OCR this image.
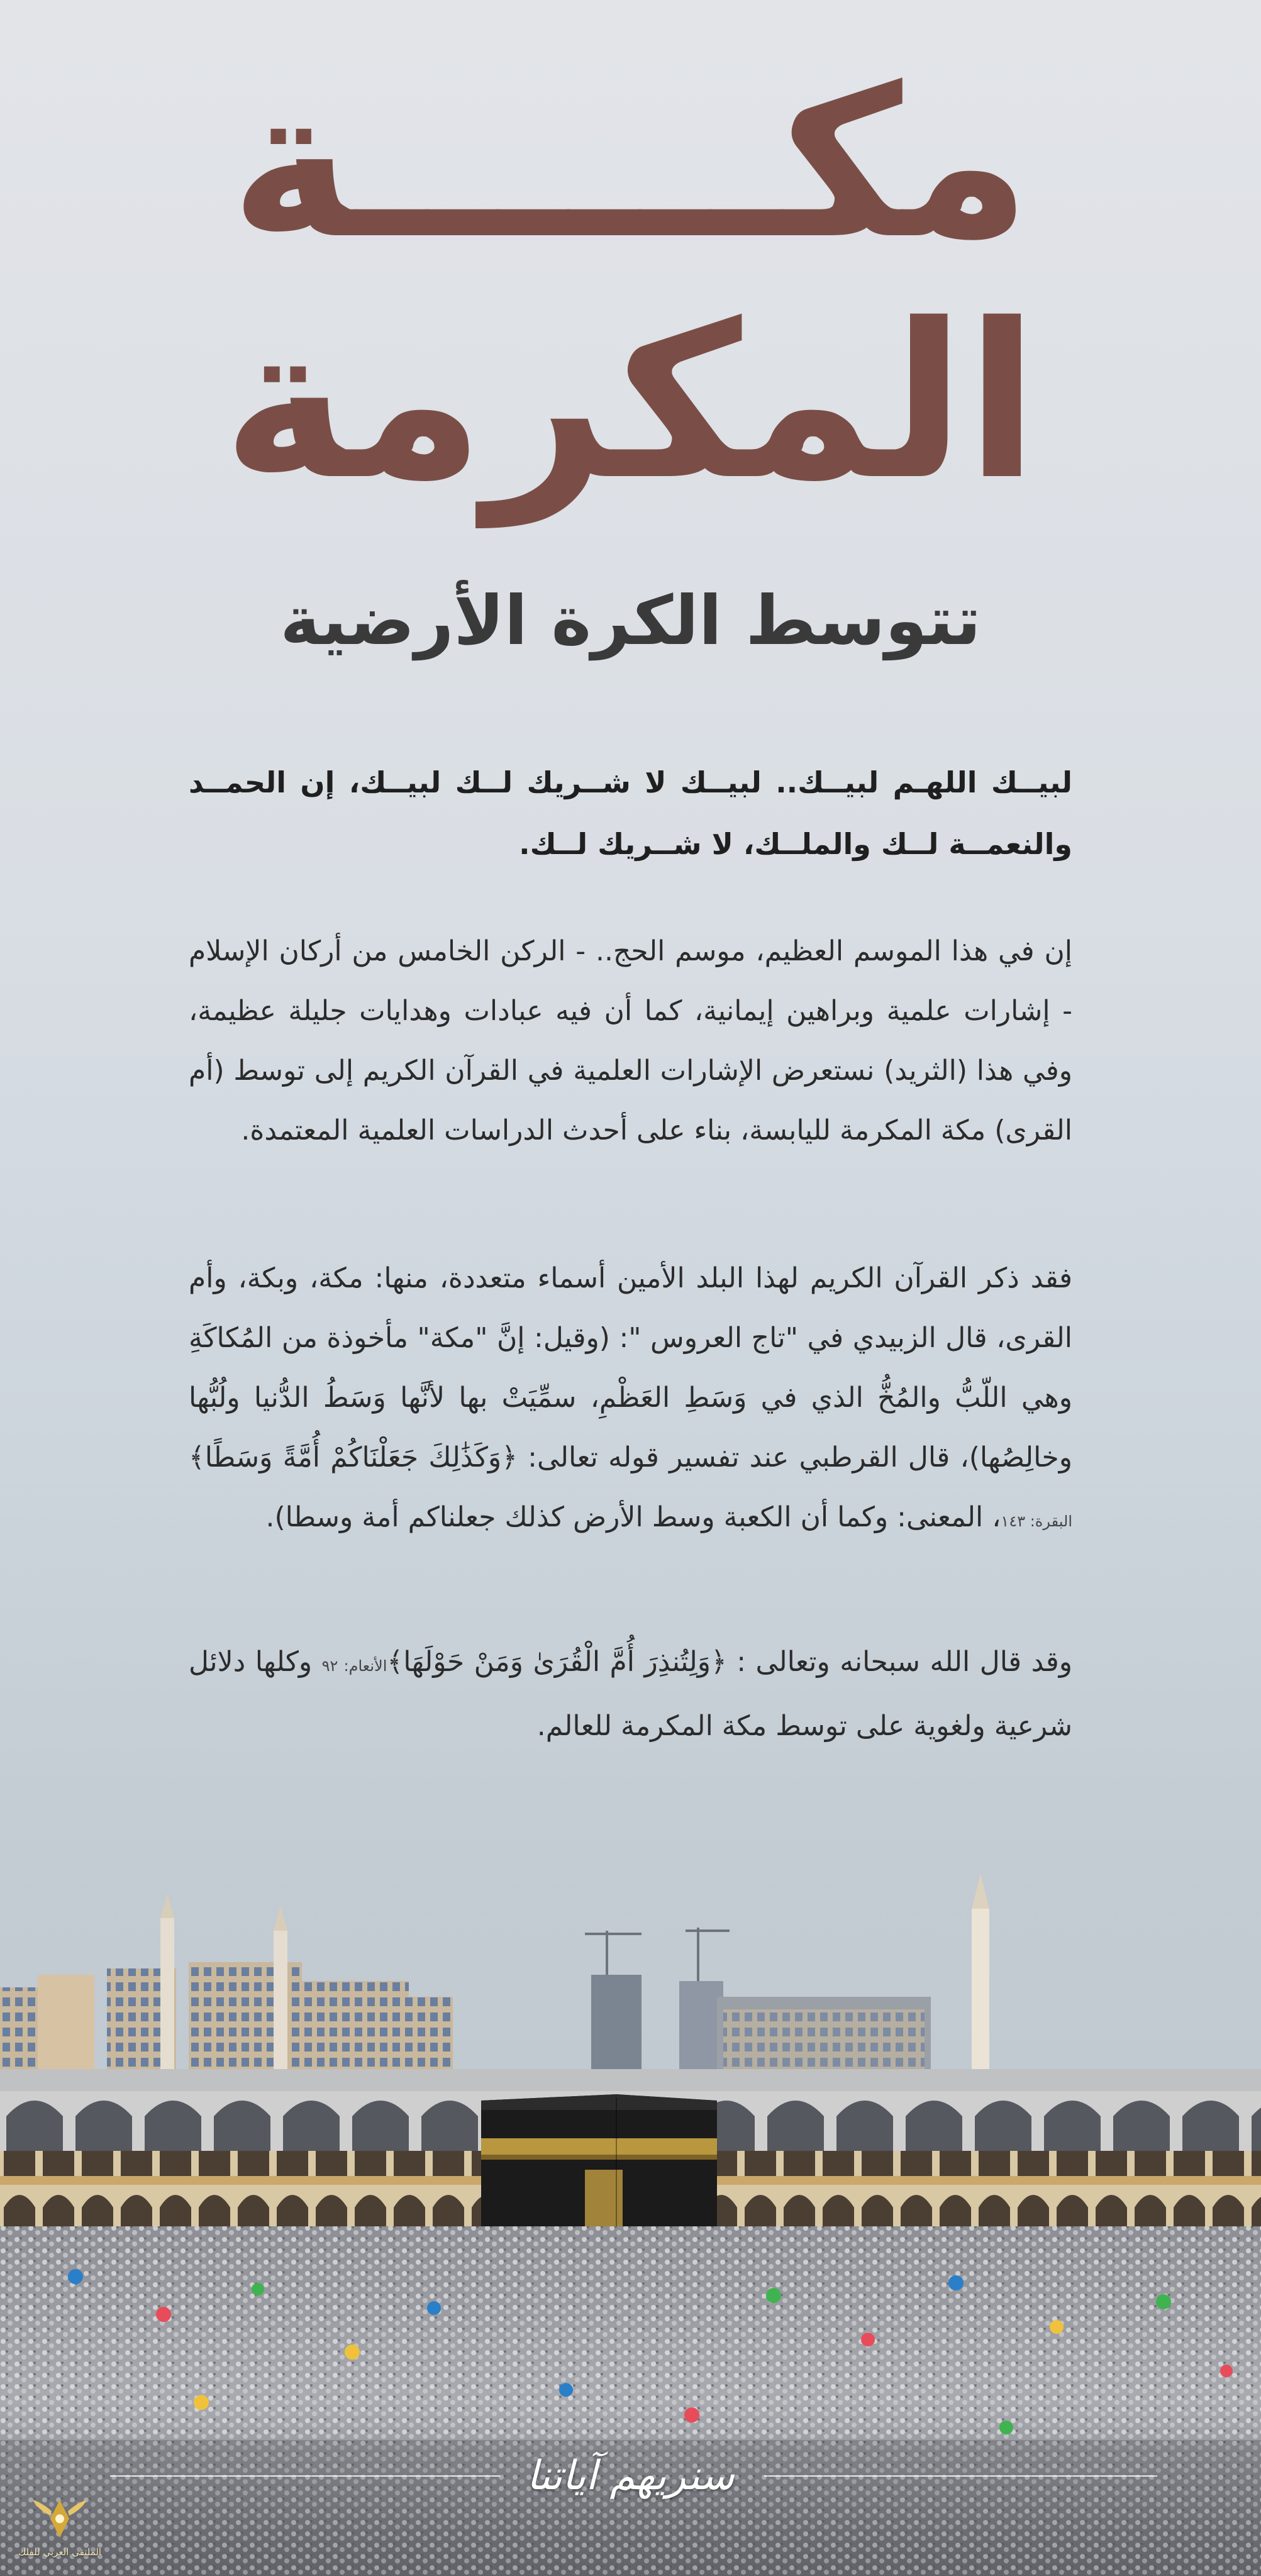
مكــــــة
المكرمة
تتوسط الكرة الأرضية
لبيــك اللهـم لبيــك.. لبيــك لا شــريك لــك لبيــك، إن الحمــد والنعمــة لــك والملــك، لا شــريك لــك.
إن في هذا الموسم العظيم، موسم الحج.. - الركن الخامس من أركان الإسلام - إشارات علمية وبراهين إيمانية، كما أن فيه عبادات وهدايات جليلة عظيمة، وفي هذا (الثريد) نستعرض الإشارات العلمية في القرآن الكريم إلى توسط (أم القرى) مكة المكرمة لليابسة، بناء على أحدث الدراسات العلمية المعتمدة.
فقد ذكر القرآن الكريم لهذا البلد الأمين أسماء متعددة، منها: مكة، وبكة، وأم القرى، قال الزبيدي في "تاج العروس ": (وقيل: إنَّ "مكة" مأخوذة من المُكاكَةِ وهي اللّبُّ والمُخُّ الذي في وَسَطِ العَظْمِ، سمِّيَتْ بها لأنَّها وَسَطُ الدُّنيا ولُبُّها وخالِصُها)، قال القرطبي عند تفسير قوله تعالى: ﴿وَكَذَٰلِكَ جَعَلْنَاكُمْ أُمَّةً وَسَطًا﴾البقرة: ١٤٣، المعنى: وكما أن الكعبة وسط الأرض كذلك جعلناكم أمة وسطا).
وقد قال الله سبحانه وتعالى : ﴿وَلِتُنذِرَ أُمَّ الْقُرَىٰ وَمَنْ حَوْلَهَا﴾الأنعام: ٩٢ وكلها دلائل شرعية ولغوية على توسط مكة المكرمة للعالم.
سنريهم آياتنا
الملتقى العربي للفلك
